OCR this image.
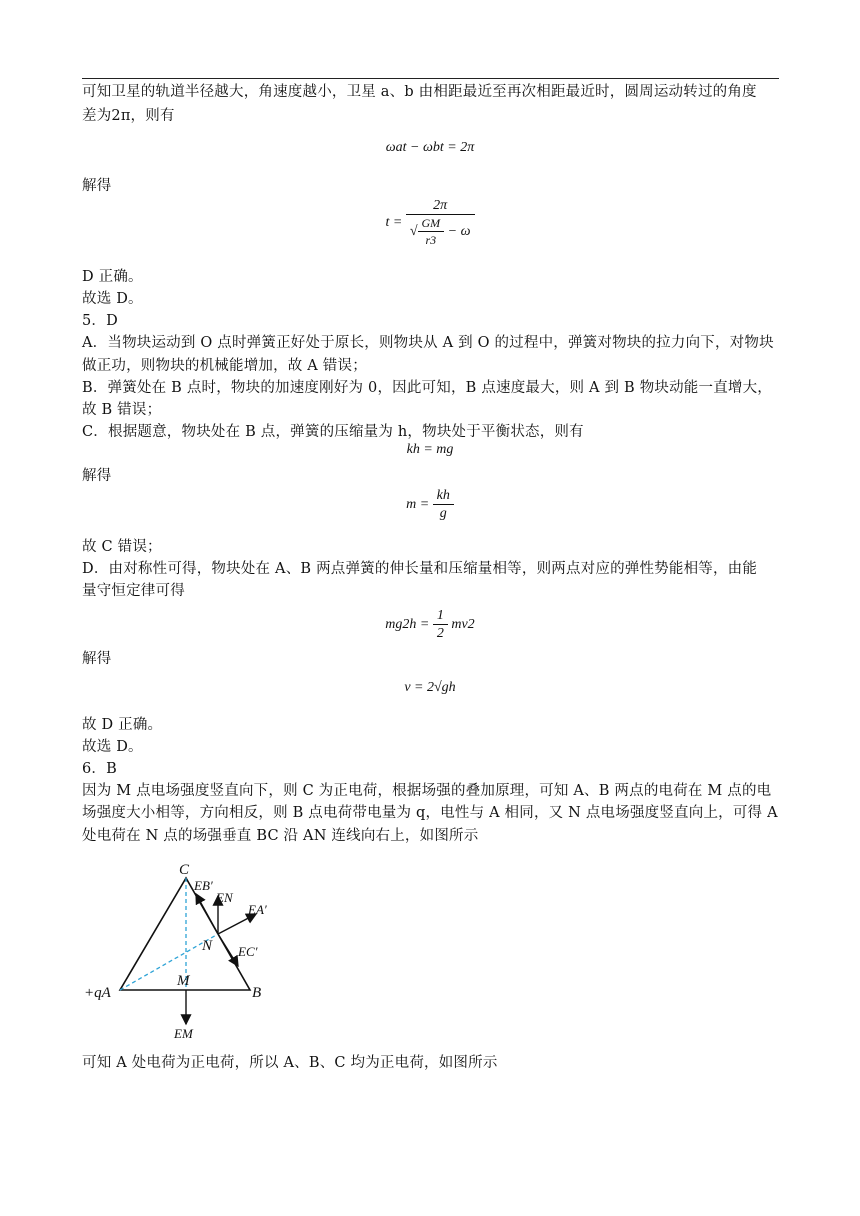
可知卫星的轨道半径越大，角速度越小，卫星 a、b 由相距最近至再次相距最近时，圆周运动转过的角度
差为2π，则有
ωat − ωbt = 2π
解得
$t = \frac{2\pi}{√ \frac{GM}{r3} - \omega}$
D 正确。
故选 D。
5．D
A．当物块运动到 O 点时弹簧正好处于原长，则物块从 A 到 O 的过程中，弹簧对物块的拉力向下，对物块
做正功，则物块的机械能增加，故 A 错误；
B．弹簧处在 B 点时，物块的加速度刚好为 0，因此可知，B 点速度最大，则 A 到 B 物块动能一直增大，
故 B 错误；
C．根据题意，物块处在 B 点，弹簧的压缩量为 h，物块处于平衡状态，则有
kh = mg
解得
$m = \frac{kh}{g}$
故 C 错误；
D．由对称性可得，物块处在 A、B 两点弹簧的伸长量和压缩量相等，则两点对应的弹性势能相等，由能
量守恒定律可得
$mg2h = \frac{1}{2} mv2$
解得
v = 2√gh
故 D 正确。
故选 D。
6．B
因为 M 点电场强度竖直向下，则 C 为正电荷，根据场强的叠加原理，可知 A、B 两点的电荷在 M 点的电
场强度大小相等，方向相反，则 B 点电荷带电量为 q，电性与 A 相同，又 N 点电场强度竖直向上，可得 A
处电荷在 N 点的场强垂直 BC 沿 AN 连线向右上，如图所示
C
+qA	B
M
N
EB′
EN
EA′
EC′
EM
可知 A 处电荷为正电荷，所以 A、B、C 均为正电荷，如图所示
